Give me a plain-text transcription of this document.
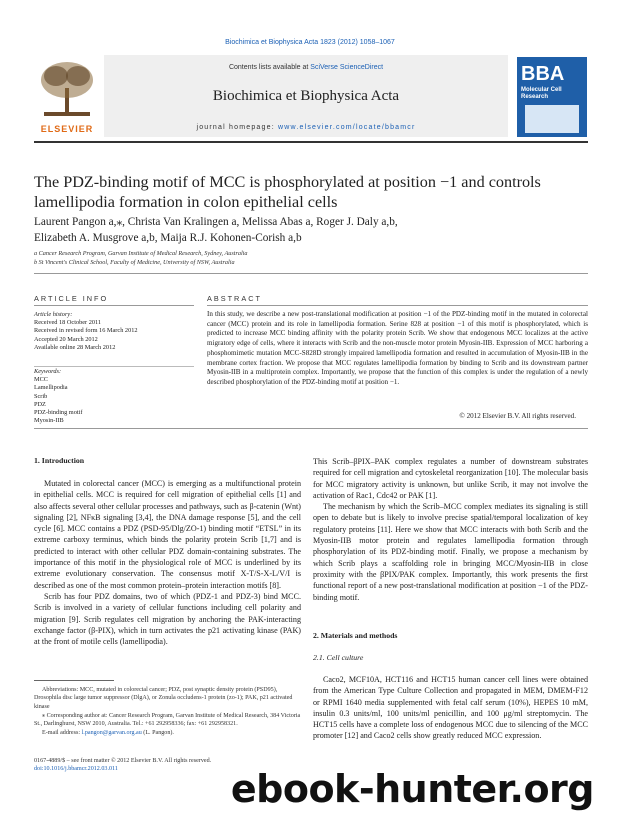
Biochimica et Biophysica Acta 1823 (2012) 1058–1067
ELSEVIER
Contents lists available at SciVerse ScienceDirect
Biochimica et Biophysica Acta
journal homepage: www.elsevier.com/locate/bbamcr
BBA
Molecular Cell Research
The PDZ-binding motif of MCC is phosphorylated at position −1 and controls lamellipodia formation in colon epithelial cells
Laurent Pangon a,⁎, Christa Van Kralingen a, Melissa Abas a, Roger J. Daly a,b,
Elizabeth A. Musgrove a,b, Maija R.J. Kohonen-Corish a,b
a Cancer Research Program, Garvan Institute of Medical Research, Sydney, Australia
b St Vincent's Clinical School, Faculty of Medicine, University of NSW, Australia
ARTICLE INFO
Article history:
Received 18 October 2011
Received in revised form 16 March 2012
Accepted 20 March 2012
Available online 28 March 2012
Keywords:
MCC
Lamellipodia
Scrib
PDZ
PDZ-binding motif
Myosin-IIB
ABSTRACT
In this study, we describe a new post-translational modification at position −1 of the PDZ-binding motif in the mutated in colorectal cancer (MCC) protein and its role in lamellipodia formation. Serine 828 at position −1 of this motif is phosphorylated, which is predicted to increase MCC binding affinity with the polarity protein Scrib. We show that endogenous MCC localizes at the active migratory edge of cells, where it interacts with Scrib and the non-muscle motor protein Myosin-IIB. Expression of MCC harboring a phosphomimetic mutation MCC-S828D strongly impaired lamellipodia formation and resulted in accumulation of Myosin-IIB in the membrane cortex fraction. We propose that MCC regulates lamellipodia formation by binding to Scrib and its downstream partner Myosin-IIB in a multiprotein complex. Importantly, we propose that the function of this complex is under the regulation of a newly described phosphorylation of the PDZ-binding motif at position −1.
© 2012 Elsevier B.V. All rights reserved.
1. Introduction

Mutated in colorectal cancer (MCC) is emerging as a multifunctional protein in epithelial cells. MCC is required for cell migration of epithelial cells [1] and also affects several other cellular processes and pathways, such as β-catenin (Wnt) signaling [2], NFκB signaling [3,4], the DNA damage response [5], and the cell cycle [6]. MCC contains a PDZ (PSD-95/Dlg/ZO-1) binding motif “ETSL” in its extreme carboxy terminus, which binds the polarity protein Scrib [1,7] and is predicted to interact with other cellular PDZ domain-containing substrates. The importance of this motif in the physiological role of MCC is underlined by its extreme evolutionary conservation. The consensus motif X-T/S-X-L/V/I is described as one of the most common protein–protein interaction motifs [8].

Scrib has four PDZ domains, two of which (PDZ-1 and PDZ-3) bind MCC. Scrib is involved in a variety of cellular functions including cell polarity and migration [9]. Scrib regulates cell migration by anchoring the PAK-interacting exchange factor (β-PIX), which in turn activates the p21 activating kinase (PAK) at the front of motile cells (lamellipodia).

This Scrib–βPIX–PAK complex regulates a number of downstream substrates required for cell migration and cytoskeletal reorganization [10]. The molecular basis for MCC migratory activity is unknown, but unlike Scrib, it may not involve the activation of Rac1, Cdc42 or PAK [1].

The mechanism by which the Scrib–MCC complex mediates its signaling is still open to debate but is likely to involve precise spatial/temporal localization of key regulatory proteins [11]. Here we show that MCC interacts with both Scrib and the Myosin-IIB motor protein and regulates lamellipodia formation through phosphorylation of its PDZ-binding motif. Finally, we propose a mechanism by which Scrib plays a scaffolding role in bringing MCC/Myosin-IIB in close proximity with the βPIX/PAK complex. Importantly, this work presents the first functional report of a new post-translational modification at position −1 of the PDZ-binding motif.

2. Materials and methods
2.1. Cell culture

Caco2, MCF10A, HCT116 and HCT15 human cancer cell lines were obtained from the American Type Culture Collection and propagated in MEM, DMEM-F12 or RPMI 1640 media supplemented with fetal calf serum (10%), HEPES 10 mM, insulin 0.3 units/ml, 100 units/ml penicillin, and 100 μg/ml streptomycin. The HCT15 cells have a complete loss of endogenous MCC due to silencing of the MCC promoter [12] and Caco2 cells show greatly reduced MCC expression.

Abbreviations: MCC, mutated in colorectal cancer; PDZ, post synaptic density protein (PSD95), Drosophila disc large tumor suppressor (DlgA), or Zonula occludens-1 protein (zo-1); PAK, p21 activated kinase

⁎ Corresponding author at: Cancer Research Program, Garvan Institute of Medical Research, 384 Victoria St., Darlinghurst, NSW 2010, Australia. Tel.: +61 292958336; fax: +61 292958321.

E-mail address: l.pangon@garvan.org.au (L. Pangon).

0167-4889/$ – see front matter © 2012 Elsevier B.V. All rights reserved.
doi:10.1016/j.bbamcr.2012.03.011	ebook-hunter.org
